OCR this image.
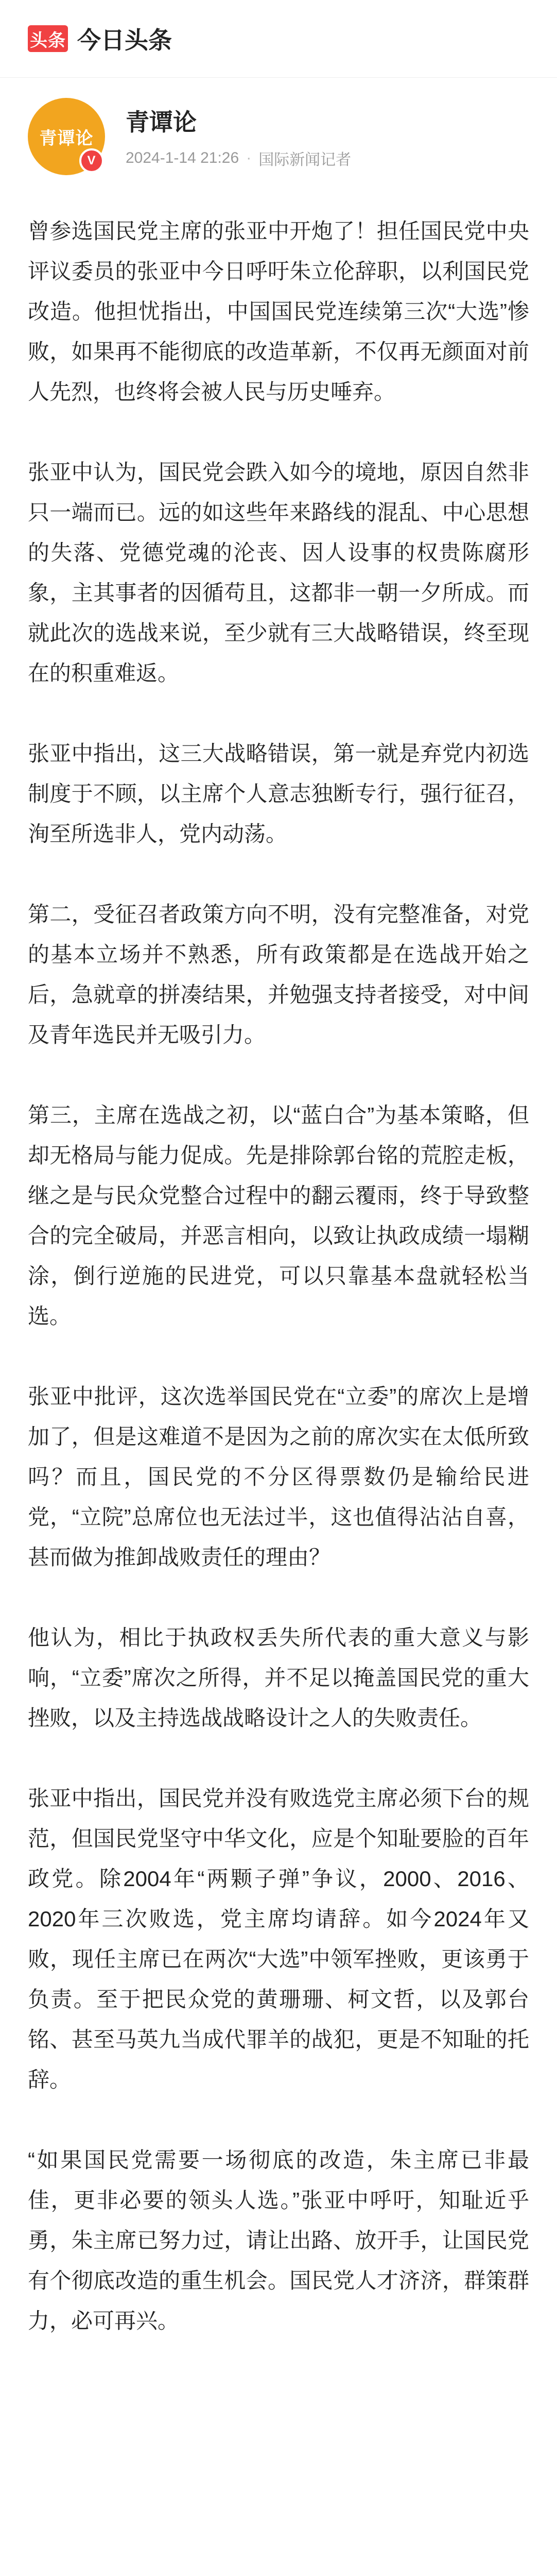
头条 今日头条
青谭论
V
青谭论
2024-1-14 21:26 · 国际新闻记者

曾参选国民党主席的张亚中开炮了！担任国民党中央评议委员的张亚中今日呼吁朱立伦辞职，以利国民党改造。他担忧指出，中国国民党连续第三次“大选”惨败，如果再不能彻底的改造革新，不仅再无颜面对前人先烈，也终将会被人民与历史唾弃。

张亚中认为，国民党会跌入如今的境地，原因自然非只一端而已。远的如这些年来路线的混乱、中心思想的失落、党德党魂的沦丧、因人设事的权贵陈腐形象，主其事者的因循苟且，这都非一朝一夕所成。而就此次的选战来说，至少就有三大战略错误，终至现在的积重难返。

张亚中指出，这三大战略错误，第一就是弃党内初选制度于不顾，以主席个人意志独断专行，强行征召，洵至所选非人，党内动荡。

第二，受征召者政策方向不明，没有完整准备，对党的基本立场并不熟悉，所有政策都是在选战开始之后，急就章的拼凑结果，并勉强支持者接受，对中间及青年选民并无吸引力。

第三，主席在选战之初，以“蓝白合”为基本策略，但却无格局与能力促成。先是排除郭台铭的荒腔走板，继之是与民众党整合过程中的翻云覆雨，终于导致整合的完全破局，并恶言相向，以致让执政成绩一塌糊涂，倒行逆施的民进党，可以只靠基本盘就轻松当选。

张亚中批评，这次选举国民党在“立委”的席次上是增加了，但是这难道不是因为之前的席次实在太低所致吗？而且，国民党的不分区得票数仍是输给民进党，“立院”总席位也无法过半，这也值得沾沾自喜，甚而做为推卸战败责任的理由？

他认为，相比于执政权丢失所代表的重大意义与影响，“立委”席次之所得，并不足以掩盖国民党的重大挫败，以及主持选战战略设计之人的失败责任。

张亚中指出，国民党并没有败选党主席必须下台的规范，但国民党坚守中华文化，应是个知耻要脸的百年政党。除2004年“两颗子弹”争议，2000、2016、2020年三次败选，党主席均请辞。如今2024年又败，现任主席已在两次“大选”中领军挫败，更该勇于负责。至于把民众党的黄珊珊、柯文哲，以及郭台铭、甚至马英九当成代罪羊的战犯，更是不知耻的托辞。

“如果国民党需要一场彻底的改造，朱主席已非最佳，更非必要的领头人选。”张亚中呼吁，知耻近乎勇，朱主席已努力过，请让出路、放开手，让国民党有个彻底改造的重生机会。国民党人才济济，群策群力，必可再兴。
